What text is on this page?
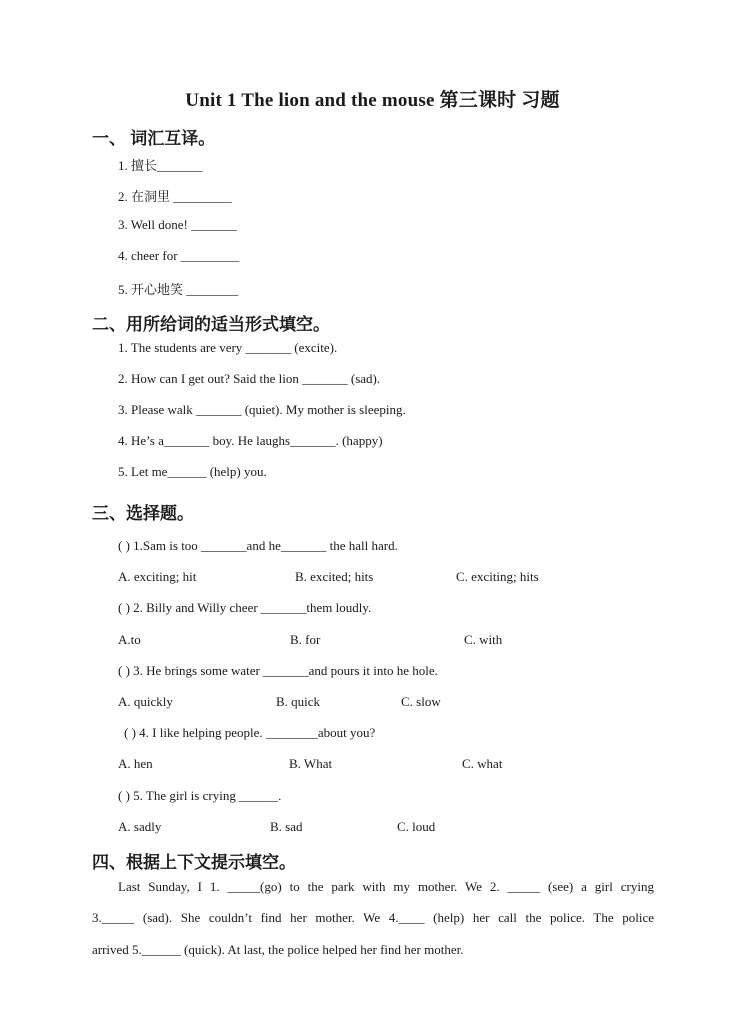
Unit 1 The lion and the mouse 第三课时 习题
一、 词汇互译。
1. 擅长_______
2. 在洞里 _________
3. Well done! _______
4. cheer for _________
5. 开心地笑 ________
二、用所给词的适当形式填空。
1. The students are very _______ (excite).
2. How can I get out? Said the lion _______ (sad).
3. Please walk _______ (quiet). My mother is sleeping.
4. He’s a_______ boy. He laughs_______. (happy)
5. Let me______ (help) you.
三、选择题。
( ) 1.Sam is too _______and he_______ the hall hard.
A. exciting; hit	B. excited; hits	C. exciting; hits
( ) 2. Billy and Willy cheer _______them loudly.
A.to	B. for	C. with
( ) 3. He brings some water _______and pours it into he hole.
A. quickly	B. quick	C. slow
( ) 4. I like helping people. ________about you?
A. hen	B. What	C. what
( ) 5. The girl is crying ______.
A. sadly	B. sad	C. loud
四、根据上下文提示填空。
Last Sunday, I 1. _____(go) to the park with my mother. We 2. _____ (see) a girl crying
3._____ (sad). She couldn’t find her mother. We 4.____ (help) her call the police. The police
arrived 5.______ (quick). At last, the police helped her find her mother.
